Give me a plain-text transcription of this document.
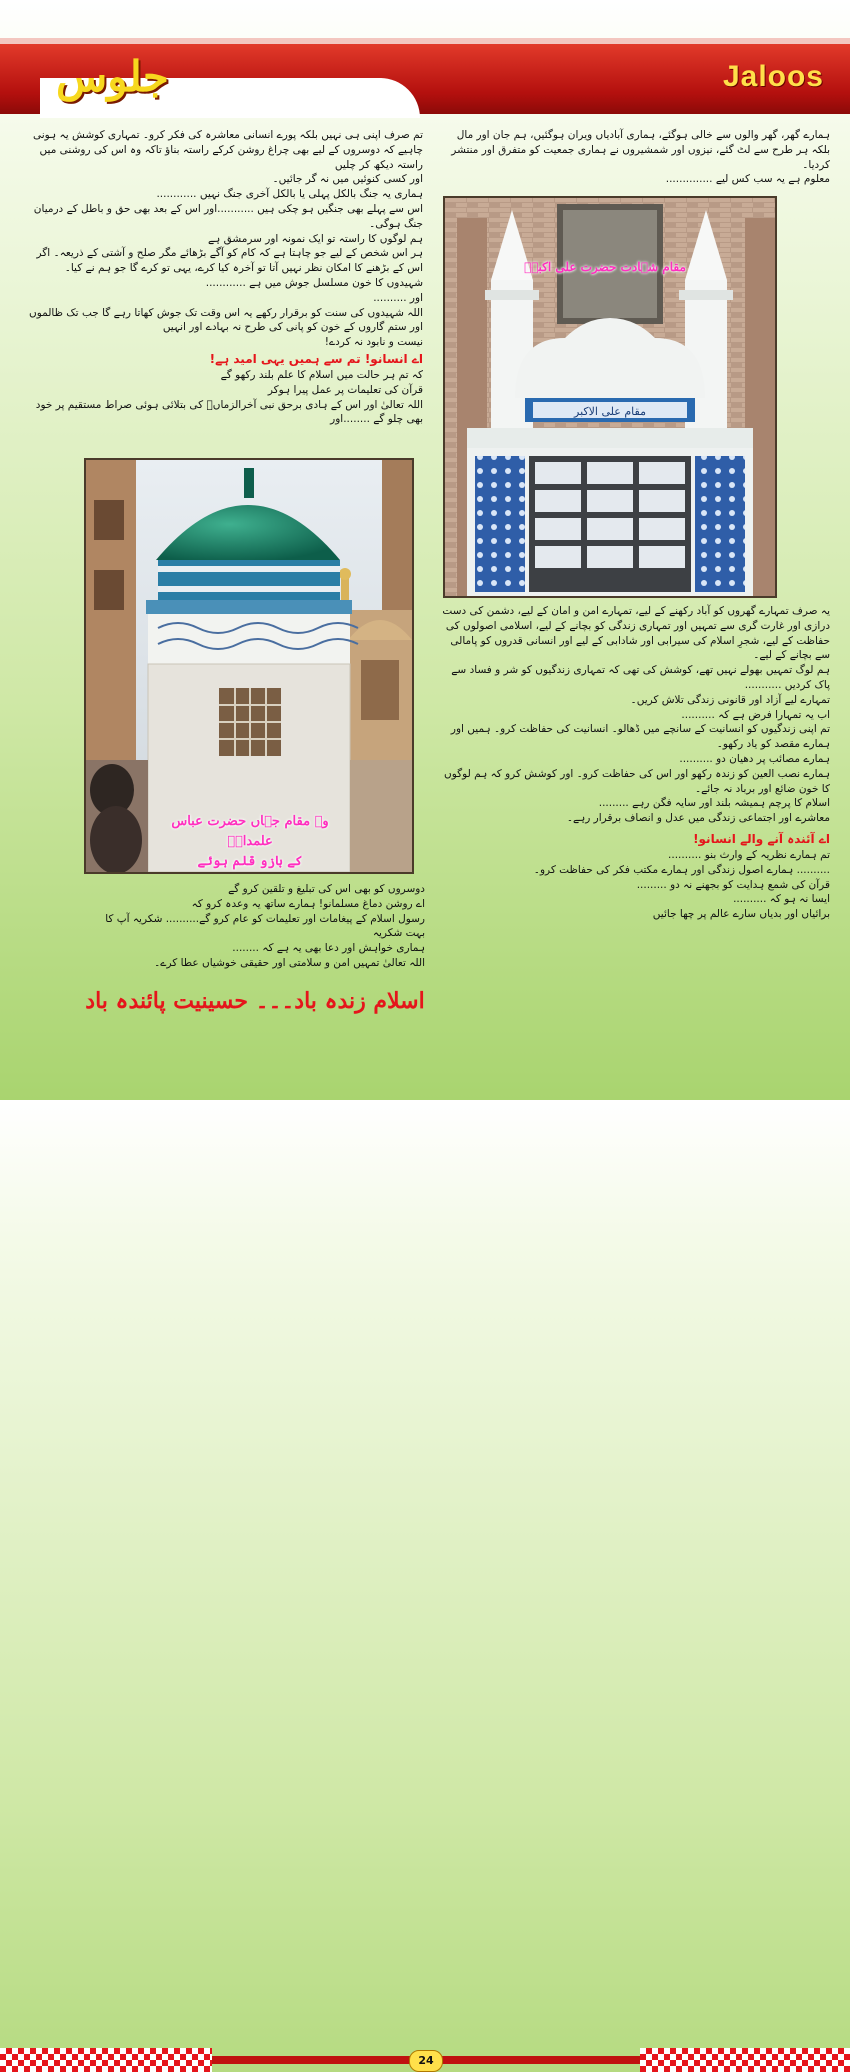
جلوس	Jaloos

تم صرف اپنی ہی نہیں بلکہ پورے انسانی معاشرہ کی فکر کرو۔ تمہاری کوشش یہ ہونی چاہیے کہ دوسروں کے لیے بھی چراغ روشن کرکے راستہ بناؤ تاکہ وہ اس کی روشنی میں راستہ دیکھ کر چلیں

اور کسی کنوئیں میں نہ گر جائیں۔

ہماری یہ جنگ بالکل پہلی یا بالکل آخری جنگ نہیں ............

اس سے پہلے بھی جنگیں ہو چکی ہیں ...........اور اس کے بعد بھی حق و باطل کے درمیان جنگ ہوگی۔

ہم لوگوں کا راستہ تو ایک نمونہ اور سرمشق ہے

ہر اس شخص کے لیے جو چاہتا ہے کہ کام کو آگے بڑھائے مگر صلح و آشتی کے ذریعہ۔ اگر اس کے بڑھنے کا امکان نظر نہیں آتا تو آخرہ کیا کرے، یہی تو کرے گا جو ہم نے کیا۔

شہیدوں کا خون مسلسل جوش میں ہے ............

اور ..........

اللہ شہیدوں کی سنت کو برقرار رکھے یہ اس وقت تک جوش کھاتا رہے گا جب تک ظالموں اور ستم گاروں کے خون کو پانی کی طرح نہ بہادے اور انہیں

نیست و نابود نہ کردے!

اے انسانو! تم سے ہمیں یہی امید ہے!

کہ تم ہر حالت میں اسلام کا علم بلند رکھو گے

قرآن کی تعلیمات پر عمل پیرا ہوکر

اللہ تعالیٰ اور اس کے ہادی برحق نبی آخرالزماںؐ کی بتلائی ہوئی صراط مستقیم پر خود بھی چلو گے ........اور

وہ مقام جہاں حضرت عباس علمدارؑ
کے بازو قلم ہوئے

دوسروں کو بھی اس کی تبلیغ و تلقین کرو گے

اے روشن دماغ مسلمانو! ہمارے ساتھ یہ وعدہ کرو کہ

رسول اسلام کے پیغامات اور تعلیمات کو عام کرو گے.......... شکریہ آپ کا بہت شکریہ

ہماری خواہش اور دعا بھی یہ ہے کہ ........

اللہ تعالیٰ تمہیں امن و سلامتی اور حقیقی خوشیاں عطا کرے۔

اسلام زندہ باد۔۔۔ حسینیت پائندہ باد

ہمارے گھر، گھر والوں سے خالی ہوگئے، ہماری آبادیاں ویران ہوگئیں، ہم جان اور مال بلکہ ہر طرح سے لٹ گئے، نیزوں اور شمشیروں نے ہماری جمعیت کو متفرق اور منتشر کردیا۔

معلوم ہے یہ سب کس لیے ..............

مقام علی الاکبر
مقام شہادت حضرت علی اکبرؑ

یہ صرف تمہارے گھروں کو آباد رکھنے کے لیے، تمہارے امن و امان کے لیے، دشمن کی دست درازی اور غارت گری سے تمہیں اور تمہاری زندگی کو بچانے کے لیے، اسلامی اصولوں کی حفاظت کے لیے، شجرِ اسلام کی سیرابی اور شادابی کے لیے اور انسانی قدروں کو پامالی سے بچانے کے لیے۔

ہم لوگ تمہیں بھولے نہیں تھے، کوشش کی تھی کہ تمہاری زندگیوں کو شر و فساد سے پاک کردیں ...........

تمہارے لیے آزاد اور قانونی زندگی تلاش کریں۔

اب یہ تمہارا فرض ہے کہ ..........

تم اپنی زندگیوں کو انسانیت کے سانچے میں ڈھالو۔ انسانیت کی حفاظت کرو۔ ہمیں اور ہمارے مقصد کو یاد رکھو۔

ہمارے مصائب پر دھیان دو ..........

ہمارے نصب العین کو زندہ رکھو اور اس کی حفاظت کرو۔ اور کوشش کرو کہ ہم لوگوں کا خون ضائع اور برباد نہ جائے۔

اسلام کا پرچم ہمیشہ بلند اور سایہ فگن رہے .........

معاشرے اور اجتماعی زندگی میں عدل و انصاف برقرار رہے۔

اے آئندہ آنے والے انسانو!

تم ہمارے نظریہ کے وارث بنو ..........

.......... ہمارے اصول زندگی اور ہمارے مکتب فکر کی حفاظت کرو۔

قرآن کی شمع ہدایت کو بجھنے نہ دو .........

ایسا نہ ہو کہ ..........

برائیاں اور بدیاں سارے عالم پر چھا جائیں

24
